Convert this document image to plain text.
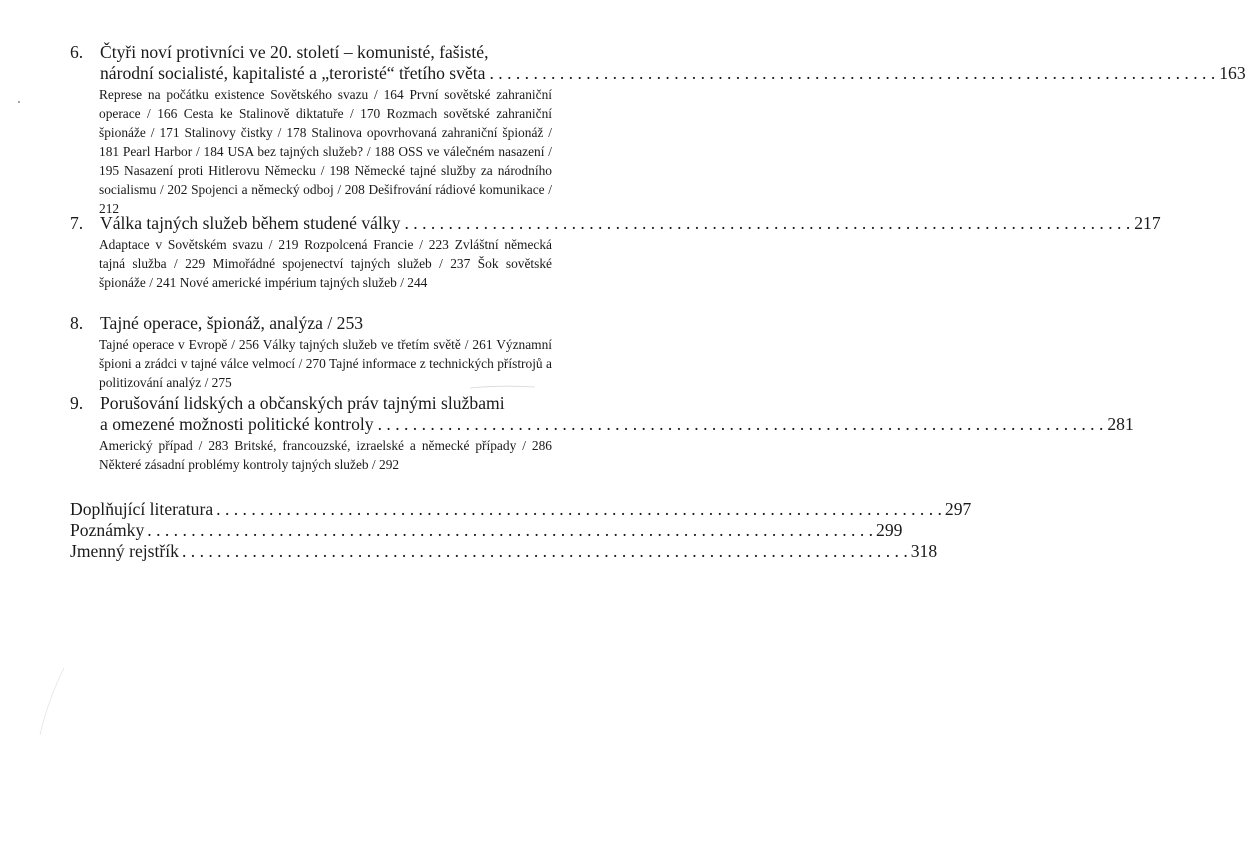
6. Čtyři noví protivníci ve 20. století – komunisté, fašisté,
národní socialisté, kapitalisté a „teroristé“ třetího světa . . .	163
Represe na počátku existence Sovětského svazu / 164 První sovětské zahraniční operace / 166 Cesta ke Stalinově diktatuře / 170 Rozmach sovětské zahraniční špionáže / 171 Stalinovy čistky / 178 Stalinova opovrhovaná zahraniční špionáž / 181 Pearl Harbor / 184 USA bez tajných služeb? / 188 OSS ve válečném nasazení / 195 Nasazení proti Hitlerovu Německu / 198 Německé tajné služby za národního socialismu / 202 Spojenci a německý odboj / 208 Dešifrování rádiové komunikace / 212
7. Válka tajných služeb během studené války . . .	217
Adaptace v Sovětském svazu / 219 Rozpolcená Francie / 223 Zvláštní německá tajná služba / 229 Mimořádné spojenectví tajných služeb / 237 Šok sovětské špionáže / 241 Nové americké impérium tajných služeb / 244
8. Tajné operace, špionáž, analýza / 253
Tajné operace v Evropě / 256 Války tajných služeb ve třetím světě / 261 Významní špioni a zrádci v tajné válce velmocí / 270 Tajné informace z technických přístrojů a politizování analýz / 275
9. Porušování lidských a občanských práv tajnými službami
a omezené možnosti politické kontroly . . .	281
Americký případ / 283 Britské, francouzské, izraelské a německé případy / 286 Některé zásadní problémy kontroly tajných služeb / 292
Doplňující literatura . . .	297
Poznámky . . .	299
Jmenný rejstřík . . .	318
